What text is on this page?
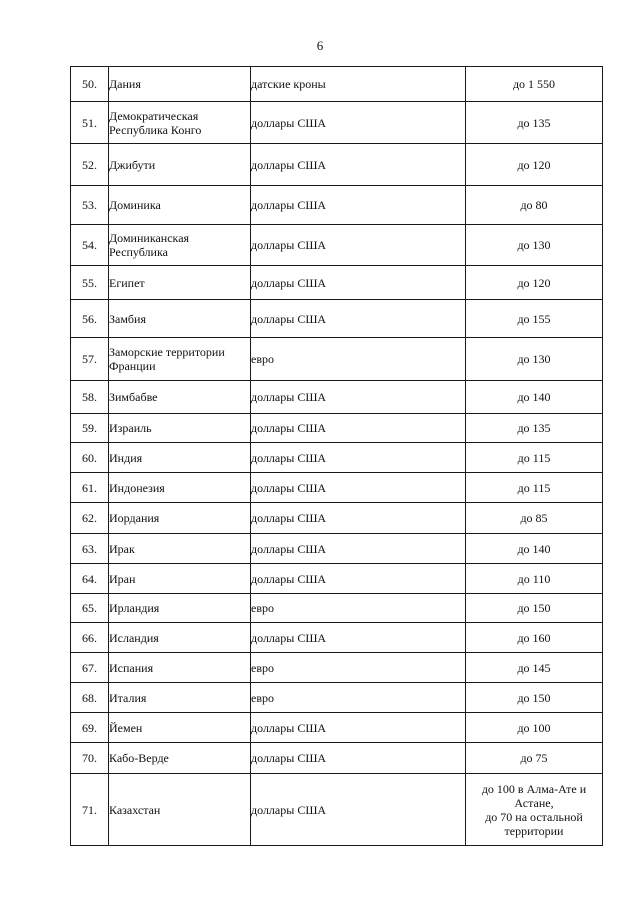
6
50.	Дания	датские кроны	до 1 550

51.	Демократическая Республика Конго	доллары США	до 135

52.	Джибути	доллары США	до 120

53.	Доминика	доллары США	до 80

54.	Доминиканская Республика	доллары США	до 130

55.	Египет	доллары США	до 120

56.	Замбия	доллары США	до 155

57.	Заморские территории Франции	евро	до 130

58.	Зимбабве	доллары США	до 140

59.	Израиль	доллары США	до 135

60.	Индия	доллары США	до 115

61.	Индонезия	доллары США	до 115

62.	Иордания	доллары США	до 85

63.	Ирак	доллары США	до 140

64.	Иран	доллары США	до 110

65.	Ирландия	евро	до 150

66.	Исландия	доллары США	до 160

67.	Испания	евро	до 145

68.	Италия	евро	до 150

69.	Йемен	доллары США	до 100

70.	Кабо-Верде	доллары США	до 75

71.	Казахстан	доллары США	до 100 в Алма-Ате и
Астане,
до 70 на остальной
территории
